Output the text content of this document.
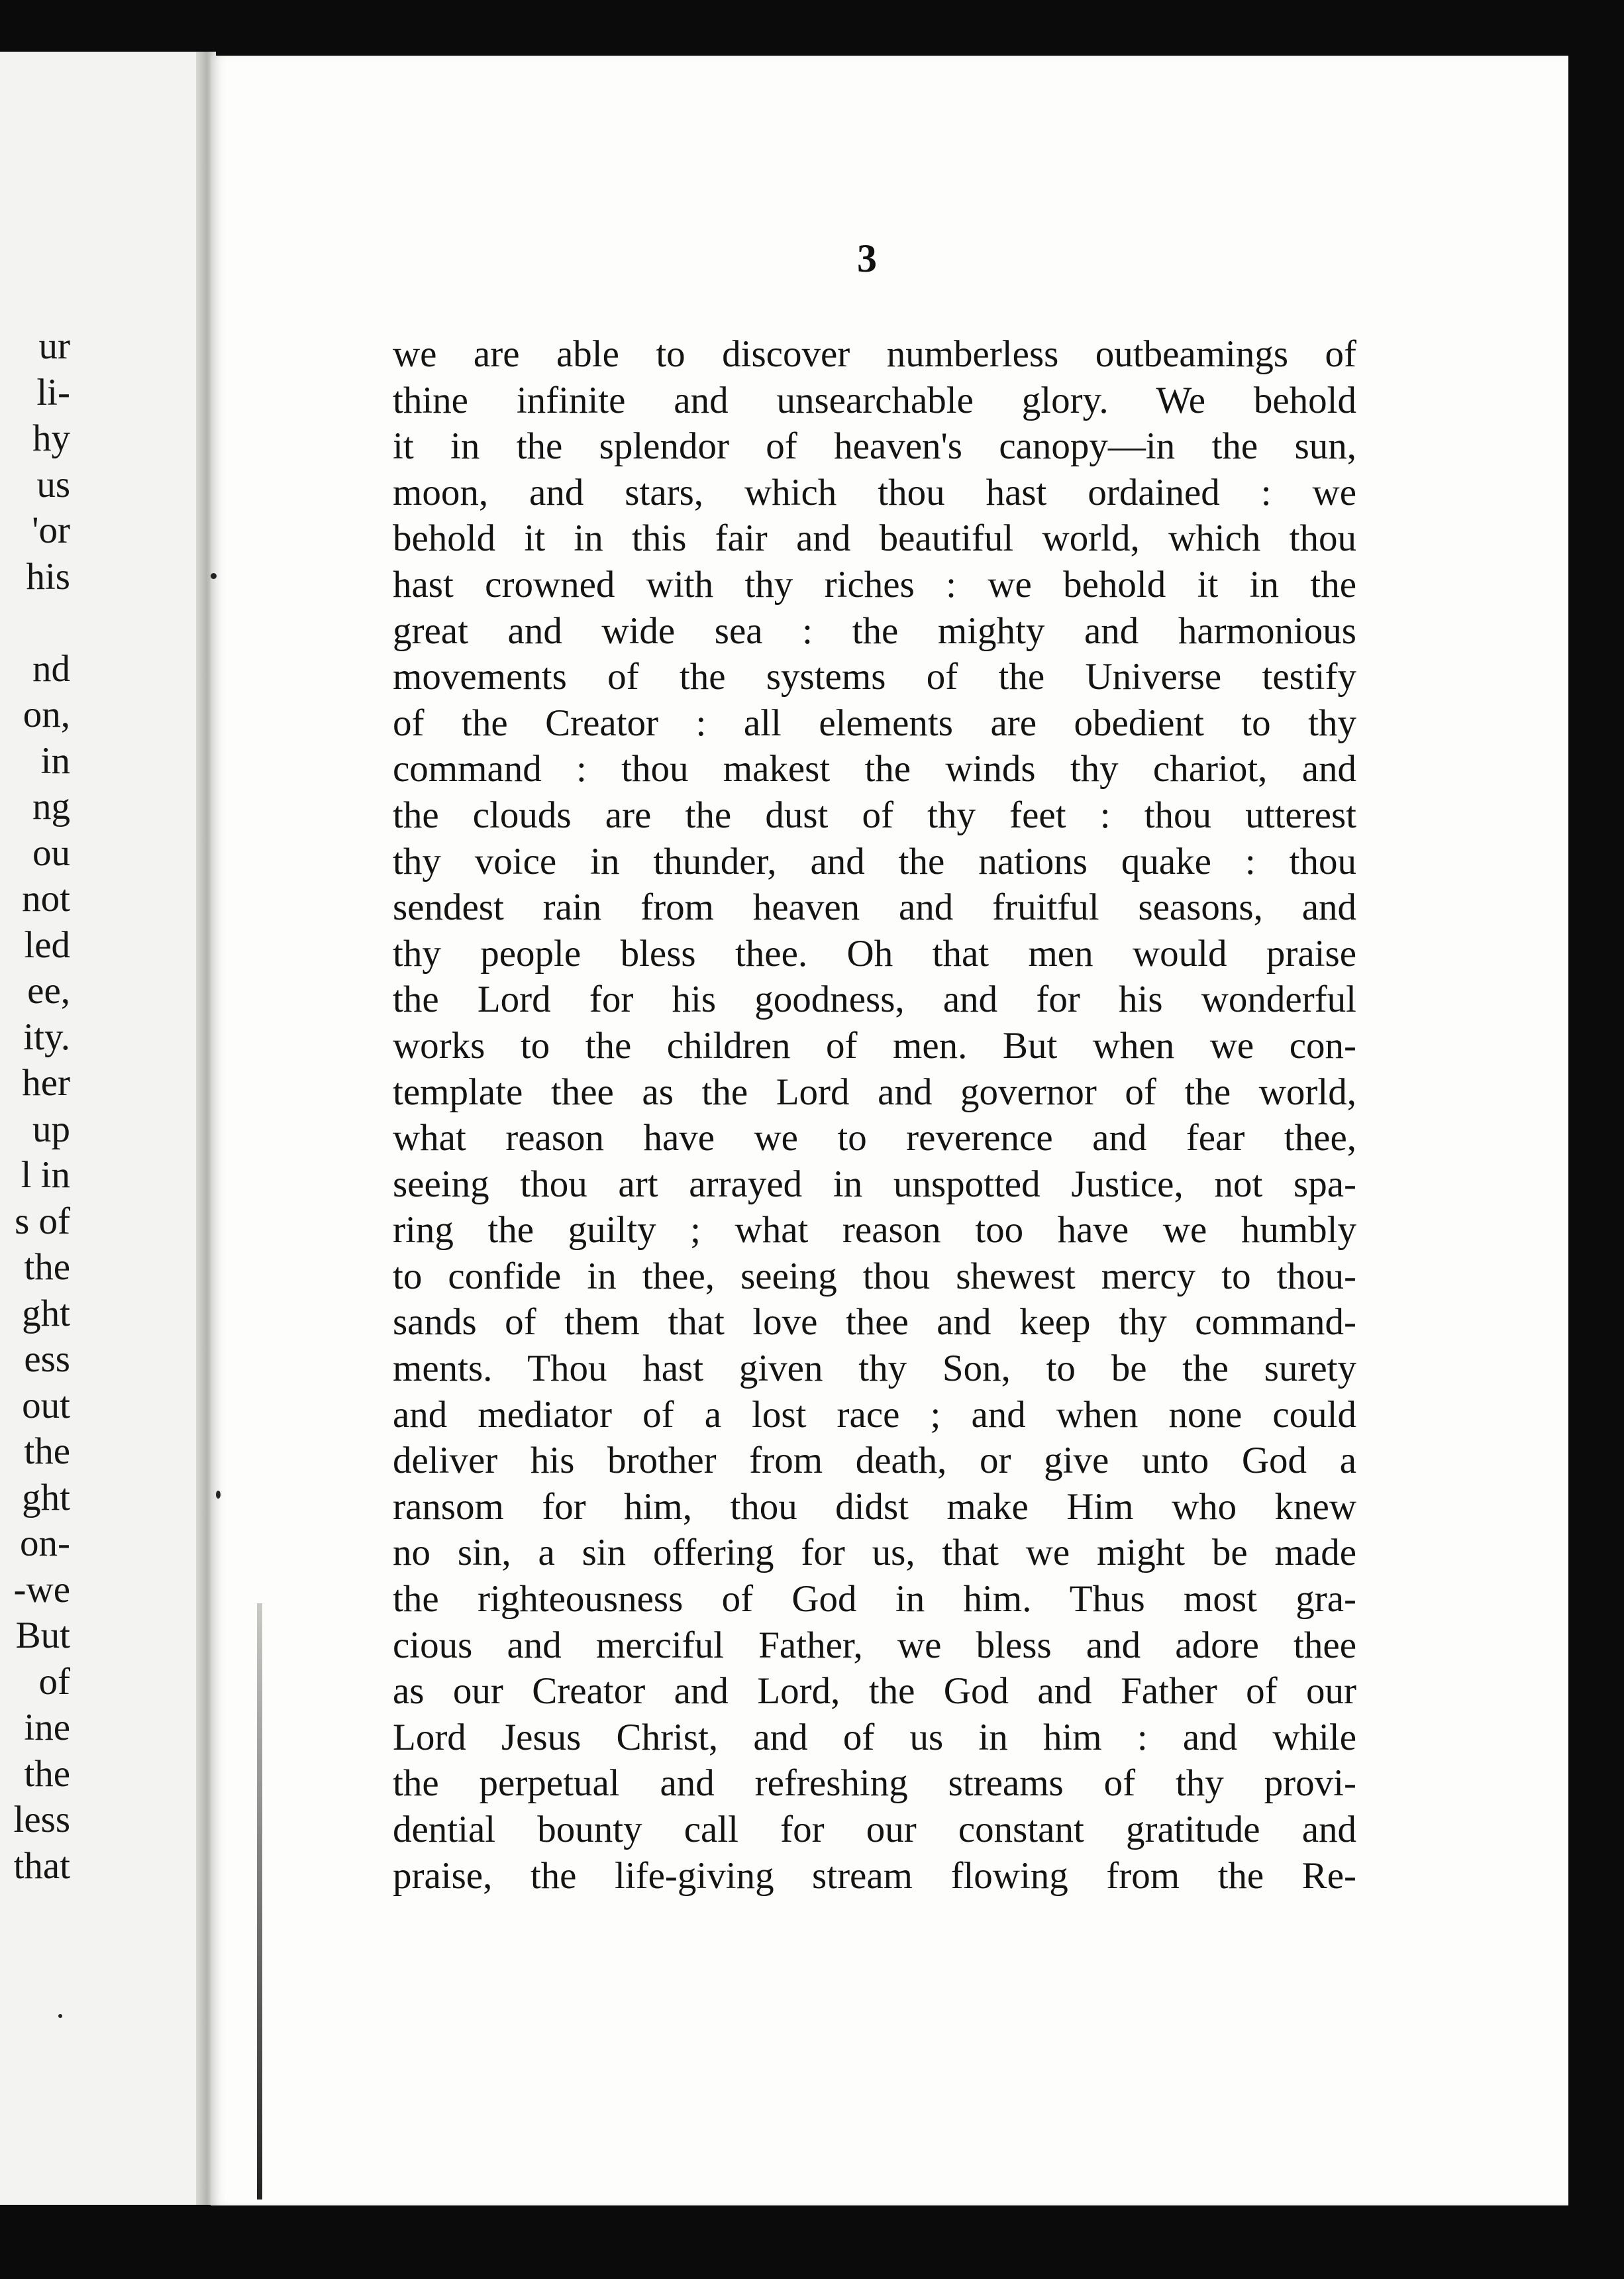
ur
li-
hy
us
'or
his
nd
on,
in
ng
ou
not
led
ee,
ity.
her
up
l in
s of
the
ght
ess
out
the
ght
on-
-we
But
of
ine
the
less
that
3
we are able to discover numberless outbeamings of
thine infinite and unsearchable glory. We behold
it in the splendor of heaven's canopy—in the sun,
moon, and stars, which thou hast ordained : we
behold it in this fair and beautiful world, which thou
hast crowned with thy riches : we behold it in the
great and wide sea : the mighty and harmonious
movements of the systems of the Universe testify
of the Creator : all elements are obedient to thy
command : thou makest the winds thy chariot, and
the clouds are the dust of thy feet : thou utterest
thy voice in thunder, and the nations quake : thou
sendest rain from heaven and fruitful seasons, and
thy people bless thee. Oh that men would praise
the Lord for his goodness, and for his wonderful
works to the children of men. But when we con-
template thee as the Lord and governor of the world,
what reason have we to reverence and fear thee,
seeing thou art arrayed in unspotted Justice, not spa-
ring the guilty ; what reason too have we humbly
to confide in thee, seeing thou shewest mercy to thou-
sands of them that love thee and keep thy command-
ments. Thou hast given thy Son, to be the surety
and mediator of a lost race ; and when none could
deliver his brother from death, or give unto God a
ransom for him, thou didst make Him who knew
no sin, a sin offering for us, that we might be made
the righteousness of God in him. Thus most gra-
cious and merciful Father, we bless and adore thee
as our Creator and Lord, the God and Father of our
Lord Jesus Christ, and of us in him : and while
the perpetual and refreshing streams of thy provi-
dential bounty call for our constant gratitude and
praise, the life-giving stream flowing from the Re-
